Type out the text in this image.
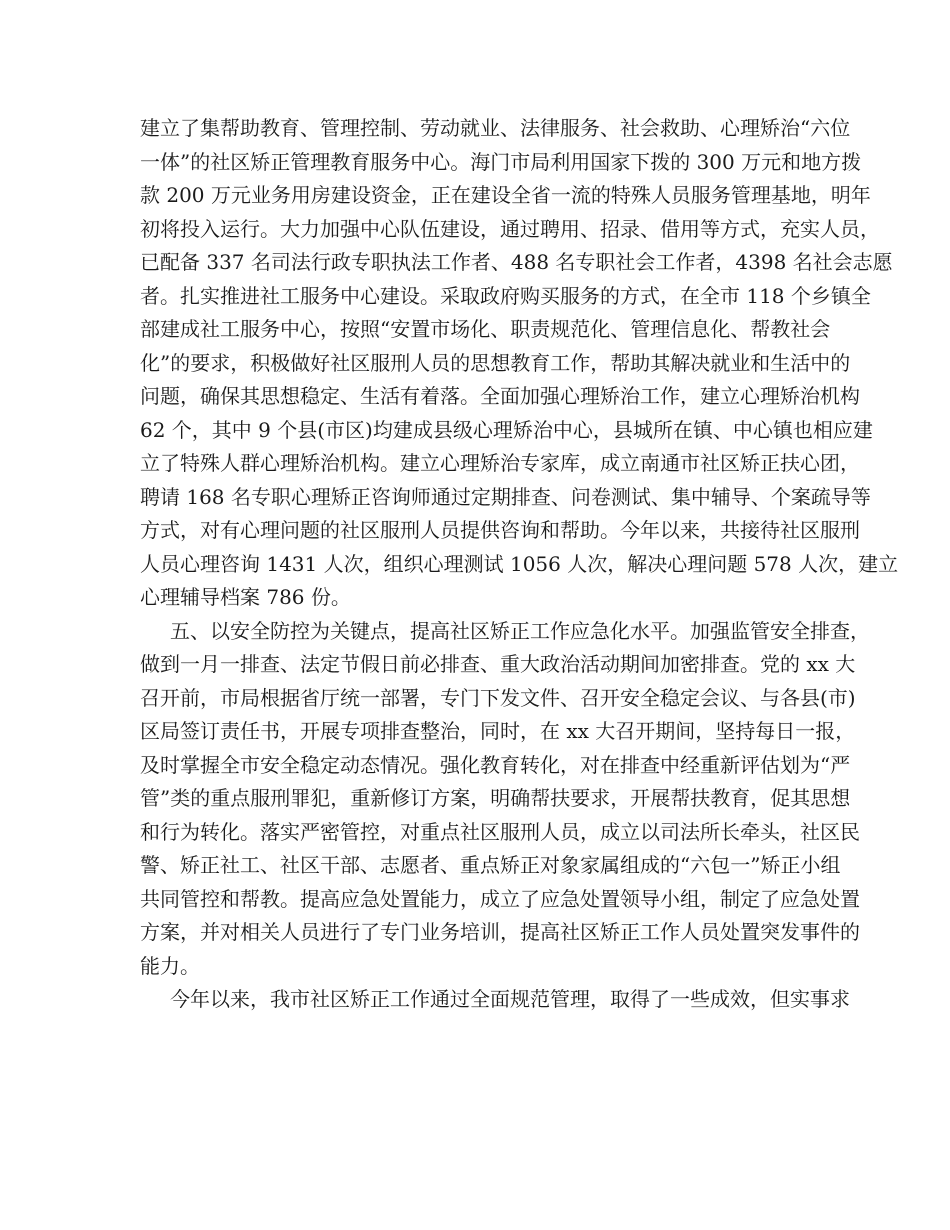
建立了集帮助教育、管理控制、劳动就业、法律服务、社会救助、心理矫治“六位
一体”的社区矫正管理教育服务中心。海门市局利用国家下拨的 300 万元和地方拨
款 200 万元业务用房建设资金，正在建设全省一流的特殊人员服务管理基地，明年
初将投入运行。大力加强中心队伍建设，通过聘用、招录、借用等方式，充实人员，
已配备 337 名司法行政专职执法工作者、488 名专职社会工作者，4398 名社会志愿
者。扎实推进社工服务中心建设。采取政府购买服务的方式，在全市 118 个乡镇全
部建成社工服务中心，按照“安置市场化、职责规范化、管理信息化、帮教社会
化”的要求，积极做好社区服刑人员的思想教育工作，帮助其解决就业和生活中的
问题，确保其思想稳定、生活有着落。全面加强心理矫治工作，建立心理矫治机构
62 个，其中 9 个县(市区)均建成县级心理矫治中心，县城所在镇、中心镇也相应建
立了特殊人群心理矫治机构。建立心理矫治专家库，成立南通市社区矫正扶心团，
聘请 168 名专职心理矫正咨询师通过定期排查、问卷测试、集中辅导、个案疏导等
方式，对有心理问题的社区服刑人员提供咨询和帮助。今年以来，共接待社区服刑
人员心理咨询 1431 人次，组织心理测试 1056 人次，解决心理问题 578 人次，建立
心理辅导档案 786 份。
五、以安全防控为关键点，提高社区矫正工作应急化水平。加强监管安全排查，
做到一月一排查、法定节假日前必排查、重大政治活动期间加密排查。党的 xx 大
召开前，市局根据省厅统一部署，专门下发文件、召开安全稳定会议、与各县(市)
区局签订责任书，开展专项排查整治，同时，在 xx 大召开期间，坚持每日一报，
及时掌握全市安全稳定动态情况。强化教育转化，对在排查中经重新评估划为“严
管”类的重点服刑罪犯，重新修订方案，明确帮扶要求，开展帮扶教育，促其思想
和行为转化。落实严密管控，对重点社区服刑人员，成立以司法所长牵头，社区民
警、矫正社工、社区干部、志愿者、重点矫正对象家属组成的“六包一”矫正小组
共同管控和帮教。提高应急处置能力，成立了应急处置领导小组，制定了应急处置
方案，并对相关人员进行了专门业务培训，提高社区矫正工作人员处置突发事件的
能力。
今年以来，我市社区矫正工作通过全面规范管理，取得了一些成效，但实事求
